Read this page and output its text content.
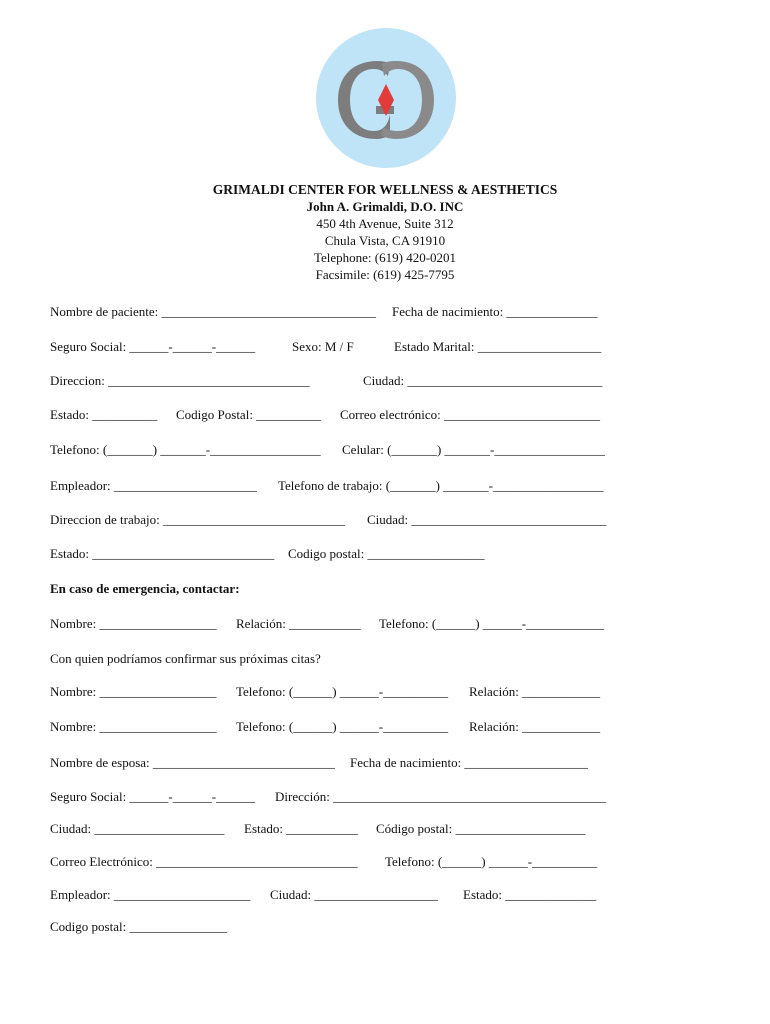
GRIMALDI CENTER FOR WELLNESS & AESTHETICS
John A. Grimaldi, D.O. INC
450 4th Avenue, Suite 312
Chula Vista, CA 91910
Telephone: (619) 420-0201
Facsimile: (619) 425-7795
Nombre de paciente: _________________________________ Fecha de nacimiento: ______________
Seguro Social: ______-______-______	Sexo: M / F	Estado Marital: ___________________
Direccion: _______________________________	Ciudad: ______________________________
Estado: __________ Codigo Postal: __________ Correo electrónico: ________________________
Telefono: (_______) _______-_________________ Celular: (_______) _______-_________________
Empleador: ______________________ Telefono de trabajo: (_______) _______-_________________
Direccion de trabajo: ____________________________ Ciudad: ______________________________
Estado: ____________________________ Codigo postal: __________________
En caso de emergencia, contactar:
Nombre: __________________ Relación: ___________ Telefono: (______) ______-____________
Con quien podríamos confirmar sus próximas citas?
Nombre: __________________ Telefono: (______) ______-__________ Relación: ____________
Nombre: __________________ Telefono: (______) ______-__________ Relación: ____________
Nombre de esposa: ____________________________ Fecha de nacimiento: ___________________
Seguro Social: ______-______-______ Dirección: __________________________________________
Ciudad: ____________________ Estado: ___________ Código postal: ____________________
Correo Electrónico: _______________________________ Telefono: (______) ______-__________
Empleador: _____________________ Ciudad: ___________________ Estado: ______________
Codigo postal: _______________
